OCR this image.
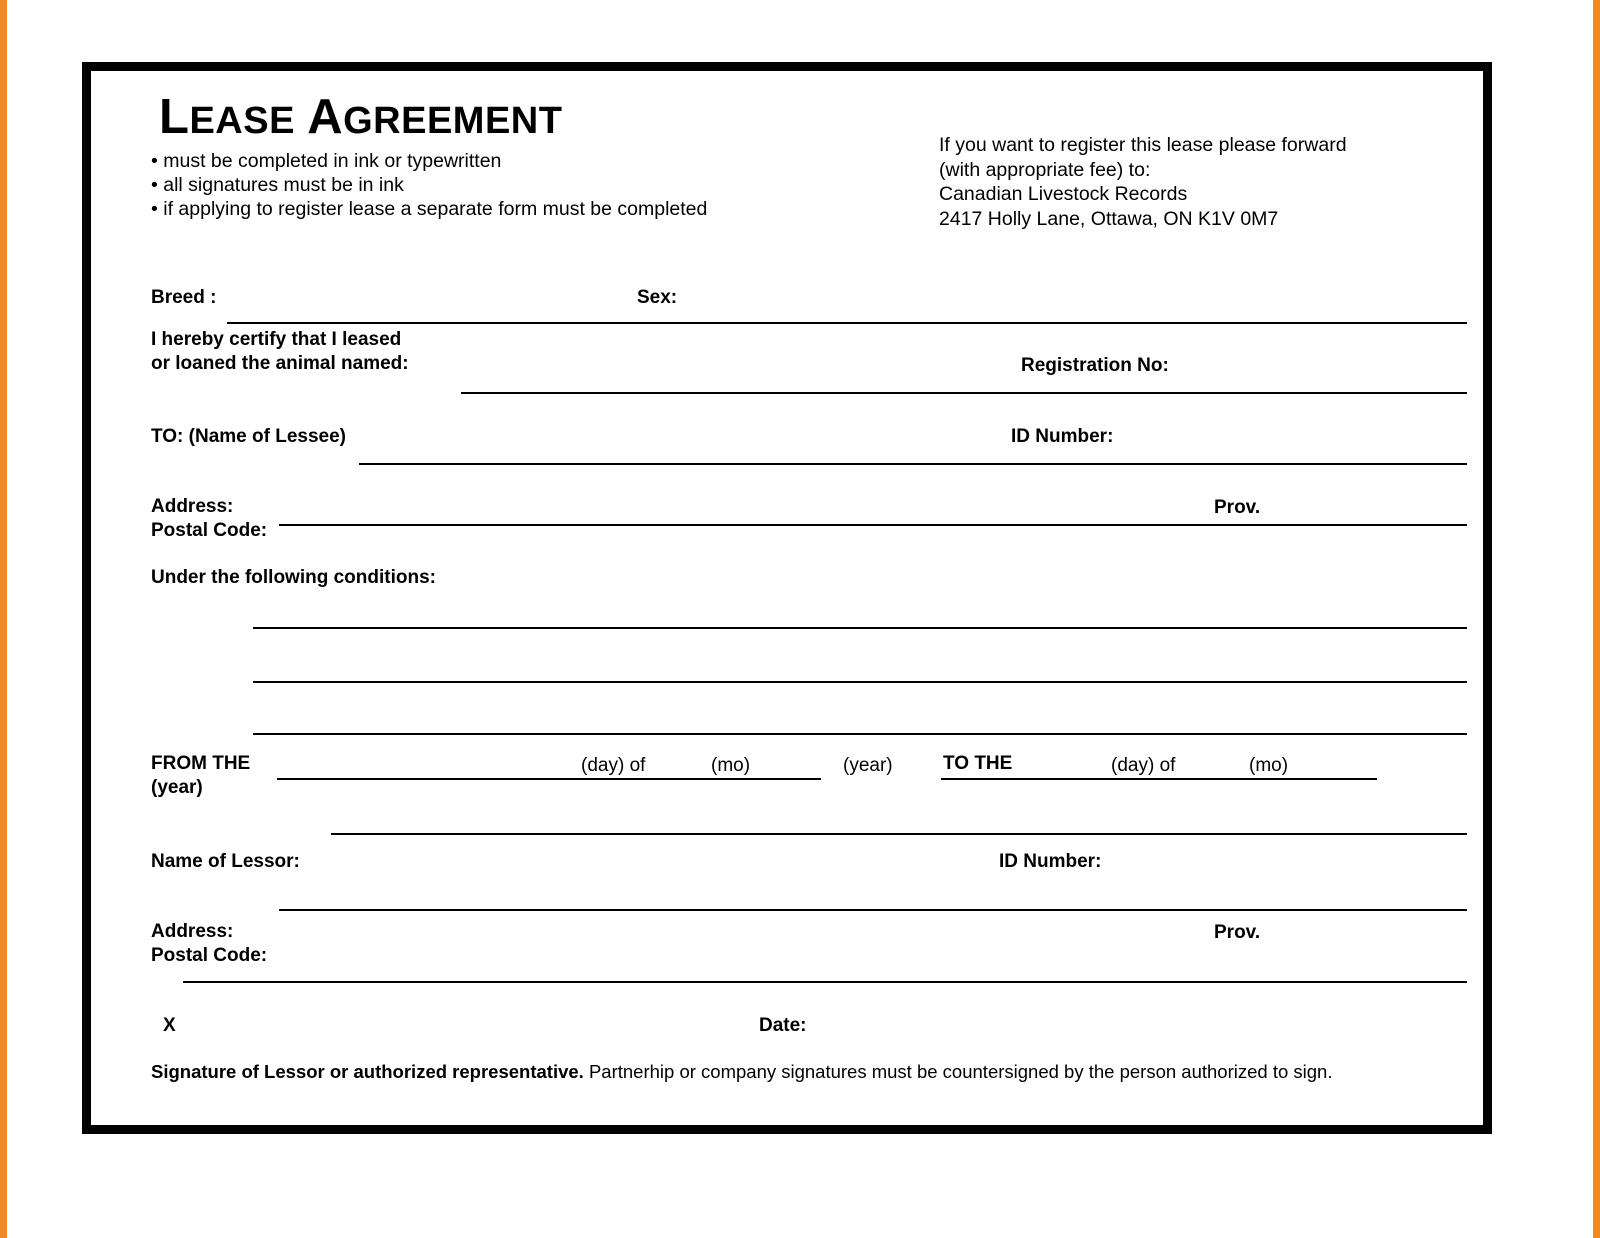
LEASE AGREEMENT
• must be completed in ink or typewritten
• all signatures must be in ink
• if applying to register lease a separate form must be completed
If you want to register this lease please forward
(with appropriate fee) to:
Canadian Livestock Records
2417 Holly Lane, Ottawa, ON K1V 0M7
Breed :	Sex:
I hereby certify that I leased
or loaned the animal named:	Registration No:
TO: (Name of Lessee)	ID Number:
Address:	Prov.
Postal Code:
Under the following conditions:
FROM THE	(day) of	(mo)	(year)	TO THE	(day) of	(mo)
(year)
Name of Lessor:	ID Number:
Address:	Prov.
Postal Code:
X	Date:
Signature of Lessor or authorized representative. Partnerhip or company signatures must be countersigned by the person authorized to sign.
